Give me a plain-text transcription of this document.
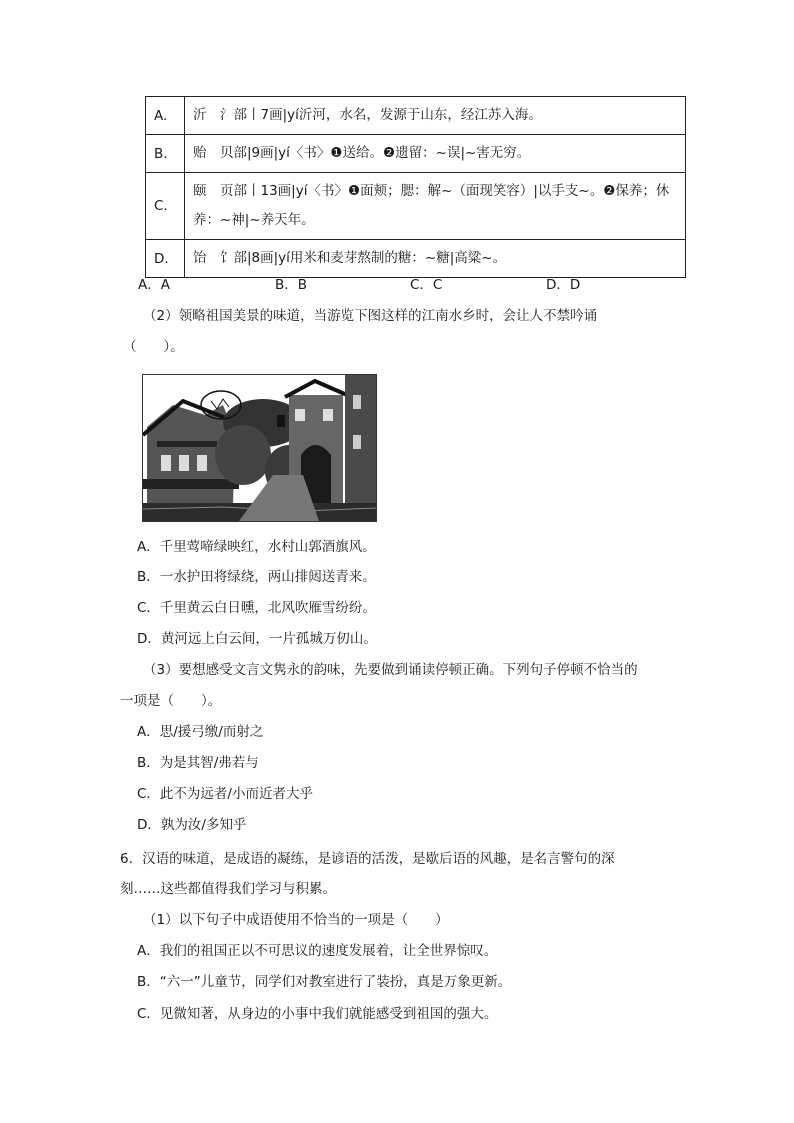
A.	沂　氵部丨7画|yí沂河，水名，发源于山东，经江苏入海。
B.	贻　贝部|9画|yí〈书〉❶送给。❷遗留：~误|~害无穷。
C.	颐　页部丨13画|yí〈书〉❶面颊；腮：解~（面现笑容）|以手支~。❷保养；休养：~神|~养天年。
D.	饴　饣部|8画|yí用米和麦芽熬制的糖：~糖|高粱~。
A．A	B．B	C．C	D．D
（2）领略祖国美景的味道，当游览下图这样的江南水乡时，会让人不禁吟诵
（　　）。
A．千里莺啼绿映红，水村山郭酒旗风。
B．一水护田将绿绕，两山排闼送青来。
C．千里黄云白日曛，北风吹雁雪纷纷。
D．黄河远上白云间，一片孤城万仞山。
（3）要想感受文言文隽永的韵味，先要做到诵读停顿正确。下列句子停顿不恰当的
一项是（　　）。
A．思/援弓缴/而射之
B．为是其智/弗若与
C．此不为远者/小而近者大乎
D．孰为汝/多知乎
6．汉语的味道，是成语的凝练，是谚语的活泼，是歇后语的风趣，是名言警句的深
刻……这些都值得我们学习与积累。
（1）以下句子中成语使用不恰当的一项是（　　）
A．我们的祖国正以不可思议的速度发展着，让全世界惊叹。
B．“六一”儿童节，同学们对教室进行了装扮，真是万象更新。
C．见微知著，从身边的小事中我们就能感受到祖国的强大。
